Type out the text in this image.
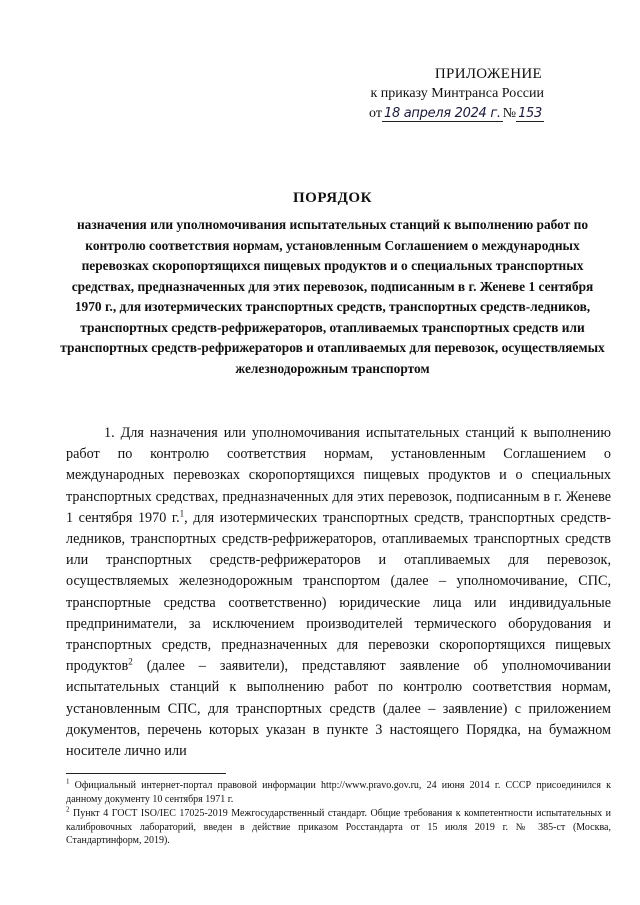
ПРИЛОЖЕНИЕ
к приказу Минтранса России
от 18 апреля 2024 г. № 153
ПОРЯДОК
назначения или уполномочивания испытательных станций к выполнению работ по контролю соответствия нормам, установленным Соглашением о международных перевозках скоропортящихся пищевых продуктов и о специальных транспортных средствах, предназначенных для этих перевозок, подписанным в г. Женеве 1 сентября 1970 г., для изотермических транспортных средств, транспортных средств-ледников, транспортных средств-рефрижераторов, отапливаемых транспортных средств или транспортных средств-рефрижераторов и отапливаемых для перевозок, осуществляемых железнодорожным транспортом

1. Для назначения или уполномочивания испытательных станций к выполнению работ по контролю соответствия нормам, установленным Соглашением о международных перевозках скоропортящихся пищевых продуктов и о специальных транспортных средствах, предназначенных для этих перевозок, подписанным в г. Женеве 1 сентября 1970 г.$^1$, для изотермических транспортных средств, транспортных средств-ледников, транспортных средств-рефрижераторов, отапливаемых транспортных средств или транспортных средств-рефрижераторов и отапливаемых для перевозок, осуществляемых железнодорожным транспортом (далее – уполномочивание, СПС, транспортные средства соответственно) юридические лица или индивидуальные предприниматели, за исключением производителей термического оборудования и транспортных средств, предназначенных для перевозки скоропортящихся пищевых продуктов$^2$ (далее – заявители), представляют заявление об уполномочивании испытательных станций к выполнению работ по контролю соответствия нормам, установленным СПС, для транспортных средств (далее – заявление) с приложением документов, перечень которых указан в пункте 3 настоящего Порядка, на бумажном носителе лично или

$^1$ Официальный интернет-портал правовой информации http://www.pravo.gov.ru, 24 июня 2014 г. СССР присоединился к данному документу 10 сентября 1971 г.

$^2$ Пункт 4 ГОСТ ISO/IEC 17025-2019 Межгосударственный стандарт. Общие требования к компетентности испытательных и калибровочных лабораторий, введен в действие приказом Росстандарта от 15 июля 2019 г. № 385-ст (Москва, Стандартинформ, 2019).
